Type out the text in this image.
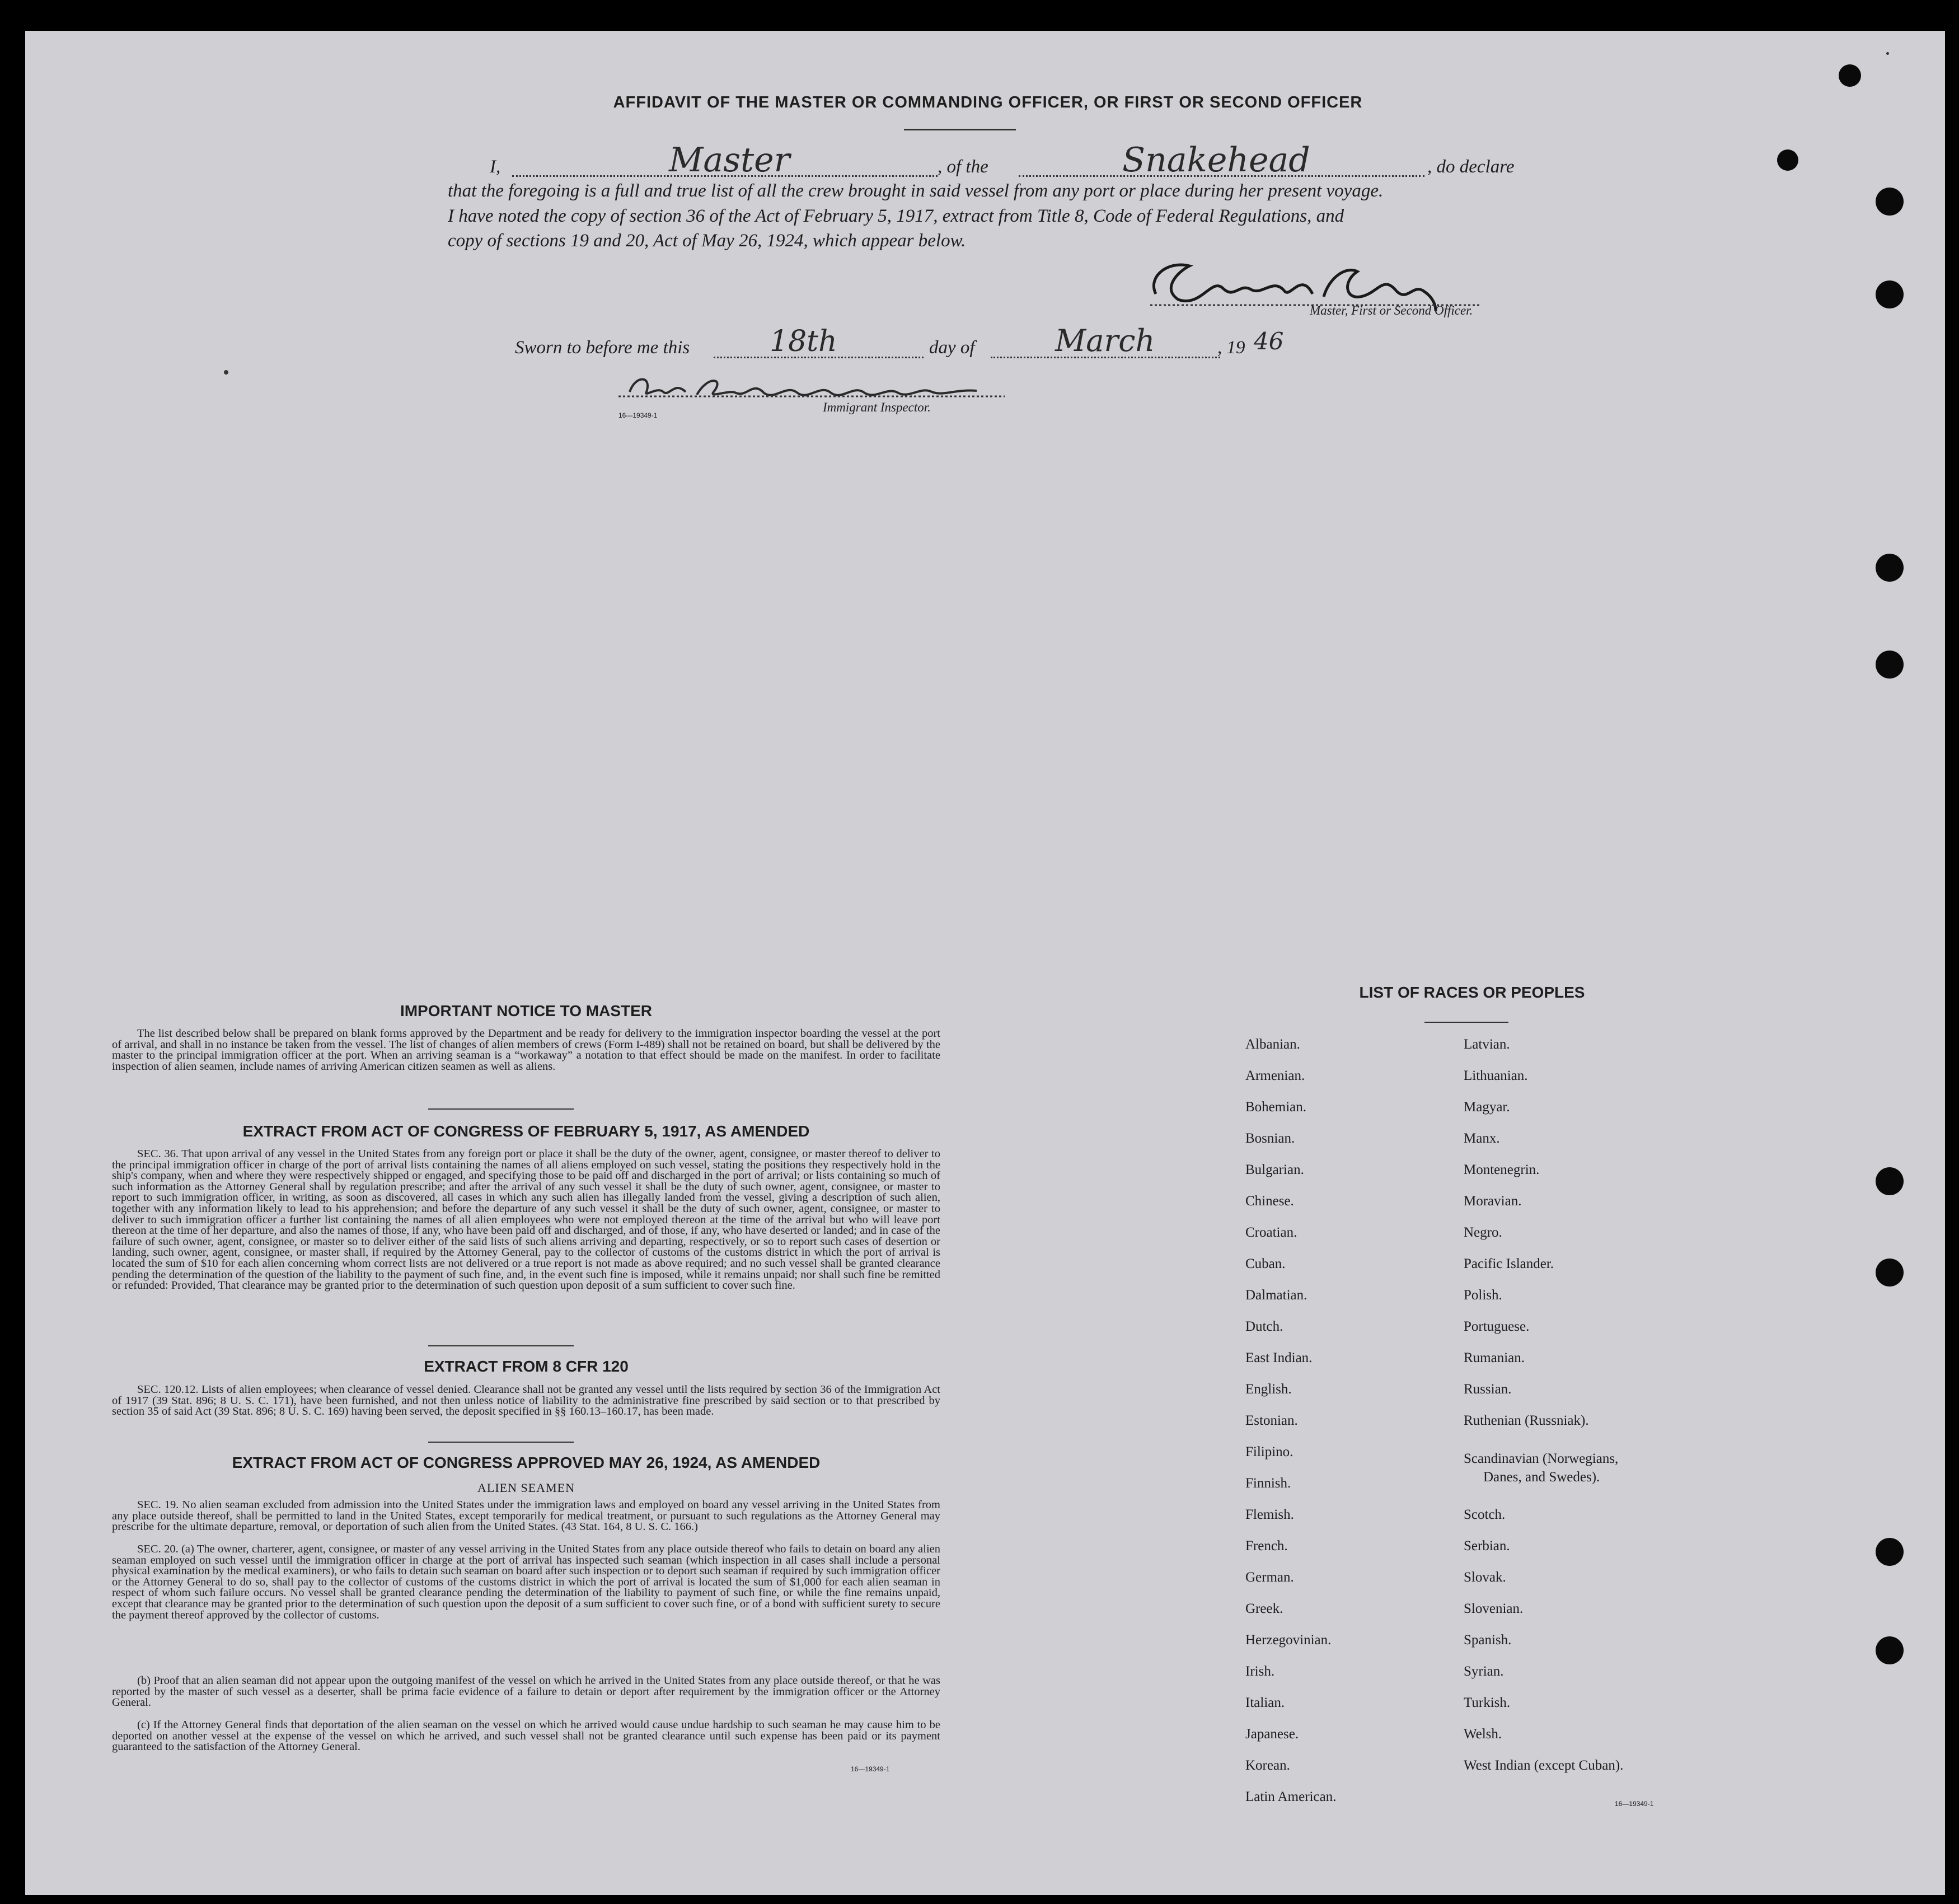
AFFIDAVIT OF THE MASTER OR COMMANDING OFFICER, OR FIRST OR SECOND OFFICER
I,	Master	, of the	Snakehead	, do declare
that the foregoing is a full and true list of all the crew brought in said vessel from any port or place during her present voyage.
I have noted the copy of section 36 of the Act of February 5, 1917, extract from Title 8, Code of Federal Regulations, and
copy of sections 19 and 20, Act of May 26, 1924, which appear below.
Master, First or Second Officer.
Sworn to before me this	18th	day of	March	, 19 46
16—19349-1
Immigrant Inspector.
IMPORTANT NOTICE TO MASTER
The list described below shall be prepared on blank forms approved by the Department and be ready for delivery to the immigration inspector boarding the vessel at the port of arrival, and shall in no instance be taken from the vessel. The list of changes of alien members of crews (Form I-489) shall not be retained on board, but shall be delivered by the master to the principal immigration officer at the port. When an arriving seaman is a “workaway” a notation to that effect should be made on the manifest. In order to facilitate inspection of alien seamen, include names of arriving American citizen seamen as well as aliens.
EXTRACT FROM ACT OF CONGRESS OF FEBRUARY 5, 1917, AS AMENDED
SEC. 36. That upon arrival of any vessel in the United States from any foreign port or place it shall be the duty of the owner, agent, consignee, or master thereof to deliver to the principal immigration officer in charge of the port of arrival lists containing the names of all aliens employed on such vessel, stating the positions they respectively hold in the ship's company, when and where they were respectively shipped or engaged, and specifying those to be paid off and discharged in the port of arrival; or lists containing so much of such information as the Attorney General shall by regulation prescribe; and after the arrival of any such vessel it shall be the duty of such owner, agent, consignee, or master to report to such immigration officer, in writing, as soon as discovered, all cases in which any such alien has illegally landed from the vessel, giving a description of such alien, together with any information likely to lead to his apprehension; and before the departure of any such vessel it shall be the duty of such owner, agent, consignee, or master to deliver to such immigration officer a further list containing the names of all alien employees who were not employed thereon at the time of the arrival but who will leave port thereon at the time of her departure, and also the names of those, if any, who have been paid off and discharged, and of those, if any, who have deserted or landed; and in case of the failure of such owner, agent, consignee, or master so to deliver either of the said lists of such aliens arriving and departing, respectively, or so to report such cases of desertion or landing, such owner, agent, consignee, or master shall, if required by the Attorney General, pay to the collector of customs of the customs district in which the port of arrival is located the sum of $10 for each alien concerning whom correct lists are not delivered or a true report is not made as above required; and no such vessel shall be granted clearance pending the determination of the question of the liability to the payment of such fine, and, in the event such fine is imposed, while it remains unpaid; nor shall such fine be remitted or refunded: Provided, That clearance may be granted prior to the determination of such question upon deposit of a sum sufficient to cover such fine.
EXTRACT FROM 8 CFR 120
SEC. 120.12. Lists of alien employees; when clearance of vessel denied. Clearance shall not be granted any vessel until the lists required by section 36 of the Immigration Act of 1917 (39 Stat. 896; 8 U. S. C. 171), have been furnished, and not then unless notice of liability to the administrative fine prescribed by said section or to that prescribed by section 35 of said Act (39 Stat. 896; 8 U. S. C. 169) having been served, the deposit specified in §§ 160.13–160.17, has been made.
EXTRACT FROM ACT OF CONGRESS APPROVED MAY 26, 1924, AS AMENDED
ALIEN SEAMEN
SEC. 19. No alien seaman excluded from admission into the United States under the immigration laws and employed on board any vessel arriving in the United States from any place outside thereof, shall be permitted to land in the United States, except temporarily for medical treatment, or pursuant to such regulations as the Attorney General may prescribe for the ultimate departure, removal, or deportation of such alien from the United States. (43 Stat. 164, 8 U. S. C. 166.)
SEC. 20. (a) The owner, charterer, agent, consignee, or master of any vessel arriving in the United States from any place outside thereof who fails to detain on board any alien seaman employed on such vessel until the immigration officer in charge at the port of arrival has inspected such seaman (which inspection in all cases shall include a personal physical examination by the medical examiners), or who fails to detain such seaman on board after such inspection or to deport such seaman if required by such immigration officer or the Attorney General to do so, shall pay to the collector of customs of the customs district in which the port of arrival is located the sum of $1,000 for each alien seaman in respect of whom such failure occurs. No vessel shall be granted clearance pending the determination of the liability to payment of such fine, or while the fine remains unpaid, except that clearance may be granted prior to the determination of such question upon the deposit of a sum sufficient to cover such fine, or of a bond with sufficient surety to secure the payment thereof approved by the collector of customs.
(b) Proof that an alien seaman did not appear upon the outgoing manifest of the vessel on which he arrived in the United States from any place outside thereof, or that he was reported by the master of such vessel as a deserter, shall be prima facie evidence of a failure to detain or deport after requirement by the immigration officer or the Attorney General.
(c) If the Attorney General finds that deportation of the alien seaman on the vessel on which he arrived would cause undue hardship to such seaman he may cause him to be deported on another vessel at the expense of the vessel on which he arrived, and such vessel shall not be granted clearance until such expense has been paid or its payment guaranteed to the satisfaction of the Attorney General.
16—19349-1
LIST OF RACES OR PEOPLES
Albanian.
Armenian.
Bohemian.
Bosnian.
Bulgarian.
Chinese.
Croatian.
Cuban.
Dalmatian.
Dutch.
East Indian.
English.
Estonian.
Filipino.
Finnish.
Flemish.
French.
German.
Greek.
Herzegovinian.
Irish.
Italian.
Japanese.
Korean.
Latin American.
Latvian.
Lithuanian.
Magyar.
Manx.
Montenegrin.
Moravian.
Negro.
Pacific Islander.
Polish.
Portuguese.
Rumanian.
Russian.
Ruthenian (Russniak).
Scandinavian (Norwegians,
Danes, and Swedes).
Scotch.
Serbian.
Slovak.
Slovenian.
Spanish.
Syrian.
Turkish.
Welsh.
West Indian (except Cuban).
16—19349-1
